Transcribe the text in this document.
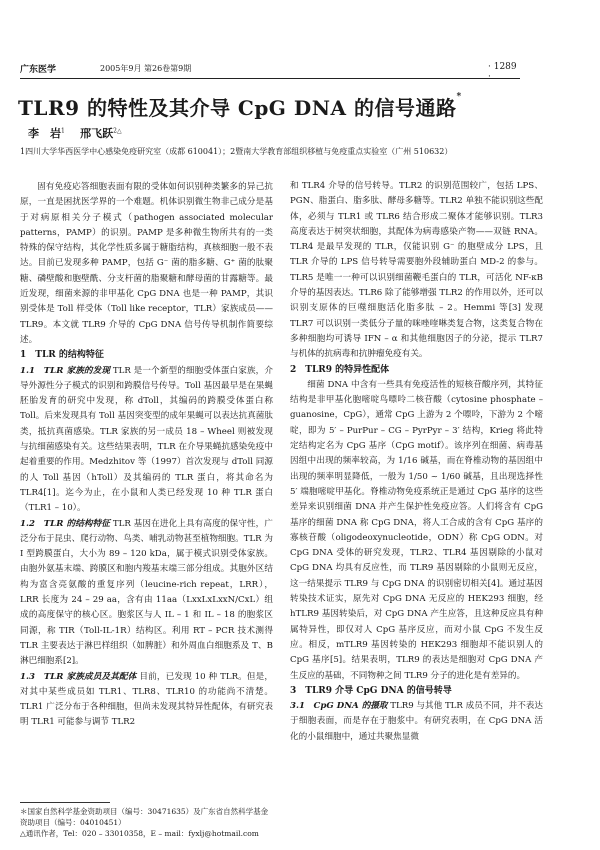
广东医学	2005年9月 第26卷第9期	· 1289 ·
TLR9 的特性及其介导 CpG DNA 的信号通路*
李　岩$^1$ 邢飞跃$^{2\triangle}$
1四川大学华西医学中心感染免疫研究室（成都 610041）；2暨南大学教育部组织移植与免疫重点实验室（广州 510632）

固有免疫応答细胞表面有限的受体如何识别种类繁多的异己抗原，一直是困扰医学界的一个难题。机体识别微生物非己成分是基于对病原相关分子模式（pathogen associated molecular patterns，PAMP）的识别。PAMP 是多种微生物所共有的一类特殊的保守结构，其化学性质多属于糖脂结构，真核细胞一般不表达。目前已发现多种 PAMP，包括 G⁻ 菌的脂多糖、G⁺ 菌的肽聚糖、磷壁酸和胞壁酰、分支杆菌的脂聚糖和酵母菌的甘露糖等。最近发现，细菌来源的非甲基化 CpG DNA 也是一种 PAMP，其识别受体是 Toll 样受体（Toll like receptor，TLR）家族成员——TLR9。本文就 TLR9 介导的 CpG DNA 信号传导机制作简要综述。

1　TLR 的结构特征

1.1　TLR 家族的发现 TLR 是一个新型的细胞受体蛋白家族，介导外源性分子模式的识别和跨膜信号传导。Toll 基因最早是在果蝇胚胎发育的研究中发现，称 dToll，其编码的跨膜受体蛋白称 Toll。后来发现具有 Toll 基因突变型的成年果蝇可以表达抗真菌肽类，抵抗真菌感染。TLR 家族的另一成员 18 – Wheel 则被发现与抗细菌感染有关。这些结果表明，TLR 在介导果蝇抗感染免疫中起着重要的作用。Medzhitov 等（1997）首次发现与 dToll 同源的人 Toll 基因（hToll）及其编码的 TLR 蛋白，将其命名为 TLR4[1]。迄今为止，在小鼠和人类已经发现 10 种 TLR 蛋白（TLR1 – 10）。

1.2　TLR 的结构特征 TLR 基因在进化上具有高度的保守性，广泛分布于昆虫、爬行动物、鸟类、哺乳动物甚至植物细胞。TLR 为 I 型跨膜蛋白，大小为 89 – 120 kDa，属于模式识别受体家族。由胞外氨基末端、跨膜区和胞内羧基末端三部分组成。其胞外区结构为富含亮氨酸的重复序列（leucine-rich repeat，LRR），LRR 长度为 24 – 29 aa，含有由 11aa（LxxLxLxxN/CxL）组成的高度保守的核心区。胞浆区与人 IL – 1 和 IL – 18 的胞浆区同源，称 TIR（Toll-IL-1R）结构区。利用 RT – PCR 技术测得 TLR 主要表达于淋巴样组织（如脾脏）和外周血白细胞系及 T、B 淋巴细胞系[2]。

1.3　TLR 家族成员及其配体 目前，已发现 10 种 TLR。但是，对其中某些成员如 TLR1、TLR8、TLR10 的功能尚不清楚。TLR1 广泛分布于各种细胞，但尚未发现其特异性配体，有研究表明 TLR1 可能参与调节 TLR2

＊国家自然科学基金资助项目（编号：30471635）及广东省自然科学基金资助项目（编号：04010451）
△通讯作者，Tel：020 – 33010358，E – mail：fyxlj@hotmail.com

和 TLR4 介导的信号转导。TLR2 的识别范围较广，包括 LPS、PGN、脂蛋白、脂多肽、酵母多糖等。TLR2 单独不能识别这些配体，必须与 TLR1 或 TLR6 结合形成二聚体才能够识别。TLR3 高度表达于树突状细胞，其配体为病毒感染产物——双链 RNA。TLR4 是最早发现的 TLR，仅能识别 G⁻ 的胞壁成分 LPS，且 TLR 介导的 LPS 信号转导需要胞外段辅助蛋白 MD-2 的参与。TLR5 是唯一一种可以识别细菌鞭毛蛋白的 TLR，可活化 NF-κB 介导的基因表达。TLR6 除了能够增强 TLR2 的作用以外，还可以识别支原体的巨噬细胞活化脂多肽 – 2。Hemmi 等[3] 发现 TLR7 可以识别一类低分子量的咪唑喹啉类复合物，这类复合物在多种细胞均可诱导 IFN – α 和其他细胞因子的分泌，提示 TLR7 与机体的抗病毒和抗肿瘤免疫有关。

2　TLR9 的特异性配体

细菌 DNA 中含有一些具有免疫活性的短核苷酸序列，其特征结构是非甲基化胞嘧啶鸟嘌呤二核苷酸（cytosine phosphate – guanosine，CpG），通常 CpG 上游为 2 个嘌呤，下游为 2 个嘧啶，即为 5′ – PurPur – CG – PyrPyr – 3′ 结构，Krieg 将此特定结构定名为 CpG 基序（CpG motif）。该序列在细菌、病毒基因组中出现的频率较高，为 1/16 碱基，而在脊椎动物的基因组中出现的频率明显降低，一般为 1/50 ~ 1/60 碱基，且出现选择性 5′ 端胞嘧啶甲基化。脊椎动物免疫系统正是通过 CpG 基序的这些差异来识别细菌 DNA 并产生保护性免疫应答。人们将含有 CpG 基序的细菌 DNA 称 CpG DNA，将人工合成的含有 CpG 基序的寡核苷酸（oligodeoxynucleotide，ODN）称 CpG ODN。对 CpG DNA 受体的研究发现，TLR2、TLR4 基因剔除的小鼠对 CpG DNA 均具有反应性，而 TLR9 基因剔除的小鼠则无反应，这一结果提示 TLR9 与 CpG DNA 的识别密切相关[4]。通过基因转染技术证实，原先对 CpG DNA 无反应的 HEK293 细胞，经 hTLR9 基因转染后，对 CpG DNA 产生应答，且这种反应具有种属特异性，即仅对人 CpG 基序反应，而对小鼠 CpG 不发生反应。相反，mTLR9 基因转染的 HEK293 细胞却不能识别人的 CpG 基序[5]。结果表明，TLR9 的表达是细胞对 CpG DNA 产生反应的基础，不同物种之间 TLR9 分子的进化是有差异的。

3　TLR9 介导 CpG DNA 的信号转导

3.1　CpG DNA 的摄取 TLR9 与其他 TLR 成员不同，并不表达于细胞表面，而是存在于胞浆中。有研究表明，在 CpG DNA 活化的小鼠细胞中，通过共聚焦显微
